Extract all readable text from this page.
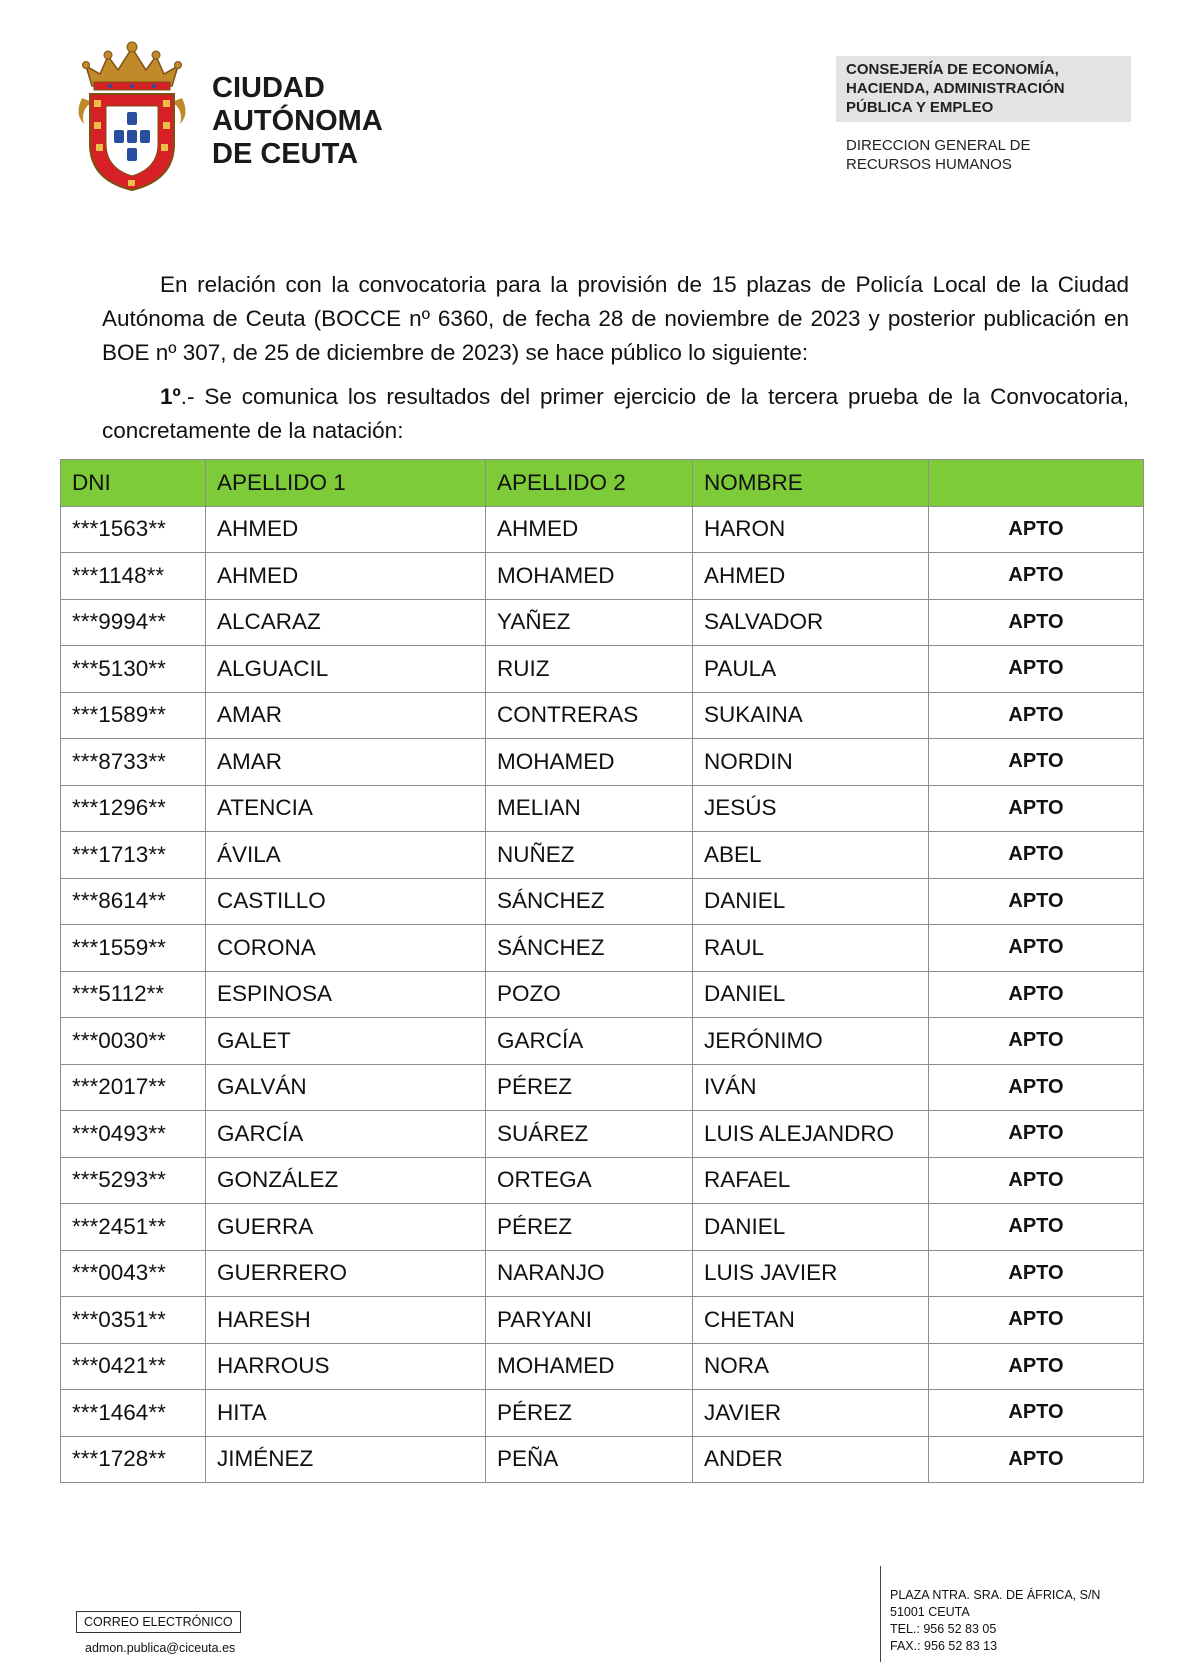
CIUDAD
AUTÓNOMA
DE CEUTA
CONSEJERÍA DE ECONOMÍA,
HACIENDA, ADMINISTRACIÓN
PÚBLICA Y EMPLEO
DIRECCION GENERAL DE
RECURSOS HUMANOS

En relación con la convocatoria para la provisión de 15 plazas de Policía Local de la Ciudad Autónoma de Ceuta (BOCCE nº 6360, de fecha 28 de noviembre de 2023 y posterior publicación en BOE nº 307, de 25 de diciembre de 2023) se hace público lo siguiente:

1º.- Se comunica los resultados del primer ejercicio de la tercera prueba de la Convocatoria, concretamente de la natación:

DNI	APELLIDO 1	APELLIDO 2	NOMBRE	
***1563**	AHMED	AHMED	HARON	APTO
***1148**	AHMED	MOHAMED	AHMED	APTO
***9994**	ALCARAZ	YAÑEZ	SALVADOR	APTO
***5130**	ALGUACIL	RUIZ	PAULA	APTO
***1589**	AMAR	CONTRERAS	SUKAINA	APTO
***8733**	AMAR	MOHAMED	NORDIN	APTO
***1296**	ATENCIA	MELIAN	JESÚS	APTO
***1713**	ÁVILA	NUÑEZ	ABEL	APTO
***8614**	CASTILLO	SÁNCHEZ	DANIEL	APTO
***1559**	CORONA	SÁNCHEZ	RAUL	APTO
***5112**	ESPINOSA	POZO	DANIEL	APTO
***0030**	GALET	GARCÍA	JERÓNIMO	APTO
***2017**	GALVÁN	PÉREZ	IVÁN	APTO
***0493**	GARCÍA	SUÁREZ	LUIS ALEJANDRO	APTO
***5293**	GONZÁLEZ	ORTEGA	RAFAEL	APTO
***2451**	GUERRA	PÉREZ	DANIEL	APTO
***0043**	GUERRERO	NARANJO	LUIS JAVIER	APTO
***0351**	HARESH	PARYANI	CHETAN	APTO
***0421**	HARROUS	MOHAMED	NORA	APTO
***1464**	HITA	PÉREZ	JAVIER	APTO
***1728**	JIMÉNEZ	PEÑA	ANDER	APTO
CORREO ELECTRÓNICO
admon.publica@ciceuta.es
PLAZA NTRA. SRA. DE ÁFRICA, S/N
51001 CEUTA
TEL.: 956 52 83 05
FAX.: 956 52 83 13
